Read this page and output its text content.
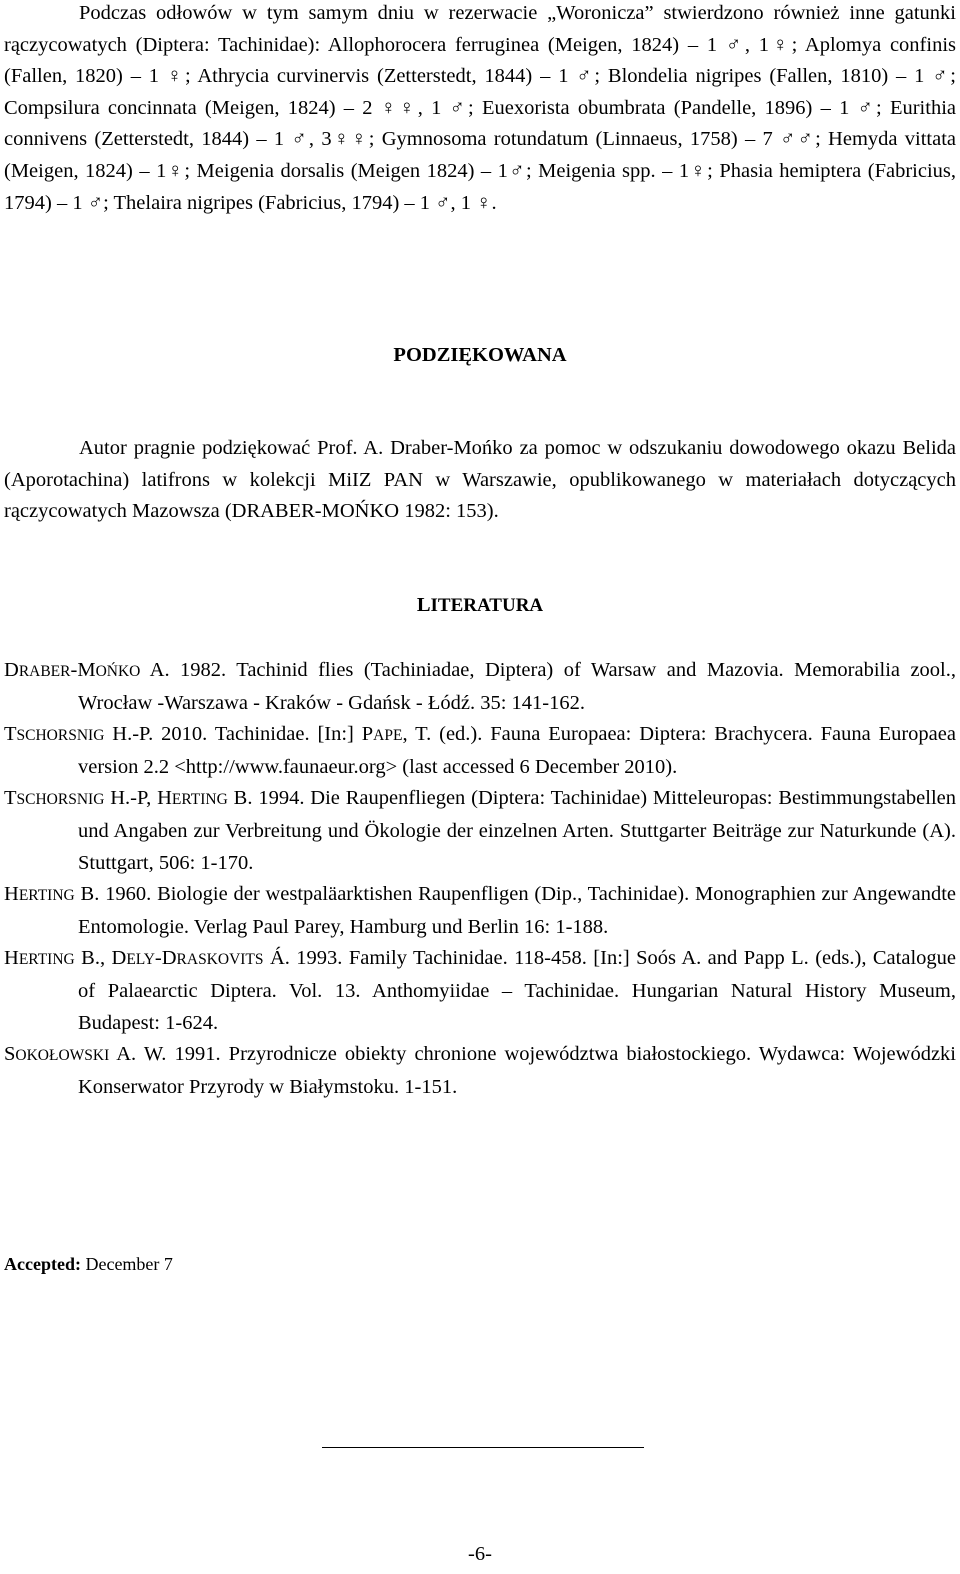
Podczas odłowów w tym samym dniu w rezerwacie „Woronicza” stwierdzono również inne gatunki rączycowatych (Diptera: Tachinidae): Allophorocera ferruginea (Meigen, 1824) – 1 ♂, 1♀; Aplomya confinis (Fallen, 1820) – 1 ♀; Athrycia curvinervis (Zetterstedt, 1844) – 1 ♂; Blondelia nigripes (Fallen, 1810) – 1 ♂; Compsilura concinnata (Meigen, 1824) – 2 ♀♀, 1 ♂; Euexorista obumbrata (Pandelle, 1896) – 1 ♂; Eurithia connivens (Zetterstedt, 1844) – 1 ♂, 3♀♀; Gymnosoma rotundatum (Linnaeus, 1758) – 7 ♂♂; Hemyda vittata (Meigen, 1824) – 1♀; Meigenia dorsalis (Meigen 1824) – 1♂; Meigenia spp. – 1♀; Phasia hemiptera (Fabricius, 1794) – 1 ♂; Thelaira nigripes (Fabricius, 1794) – 1 ♂, 1 ♀.

PODZIĘKOWANA

Autor pragnie podziękować Prof. A. Draber-Mońko za pomoc w odszukaniu dowodowego okazu Belida (Aporotachina) latifrons w kolekcji MiIZ PAN w Warszawie, opublikowanego w materiałach dotyczących rączycowatych Mazowsza (DRABER-MOŃKO 1982: 153).

LITERATURA
DRABER-MOŃKO A. 1982. Tachinid flies (Tachiniadae, Diptera) of Warsaw and Mazovia. Memorabilia zool., Wrocław -Warszawa - Kraków - Gdańsk - Łódź. 35: 141-162.
TSCHORSNIG H.-P. 2010. Tachinidae. [In:] PAPE, T. (ed.). Fauna Europaea: Diptera: Brachycera. Fauna Europaea version 2.2 <http://www.faunaeur.org> (last accessed 6 December 2010).
TSCHORSNIG H.-P, HERTING B. 1994. Die Raupenfliegen (Diptera: Tachinidae) Mitteleuropas: Bestimmungstabellen und Angaben zur Verbreitung und Ökologie der einzelnen Arten. Stuttgarter Beiträge zur Naturkunde (A). Stuttgart, 506: 1-170.
HERTING B. 1960. Biologie der westpaläarktishen Raupenfligen (Dip., Tachinidae). Monographien zur Angewandte Entomologie. Verlag Paul Parey, Hamburg und Berlin 16: 1-188.
HERTING B., DELY-DRASKOVITS Á. 1993. Family Tachinidae. 118-458. [In:] Soós A. and Papp L. (eds.), Catalogue of Palaearctic Diptera. Vol. 13. Anthomyiidae – Tachinidae. Hungarian Natural History Museum, Budapest: 1-624.
SOKOŁOWSKI A. W. 1991. Przyrodnicze obiekty chronione województwa białostockiego. Wydawca: Wojewódzki Konserwator Przyrody w Białymstoku. 1-151.

Accepted: December 7

-6-
